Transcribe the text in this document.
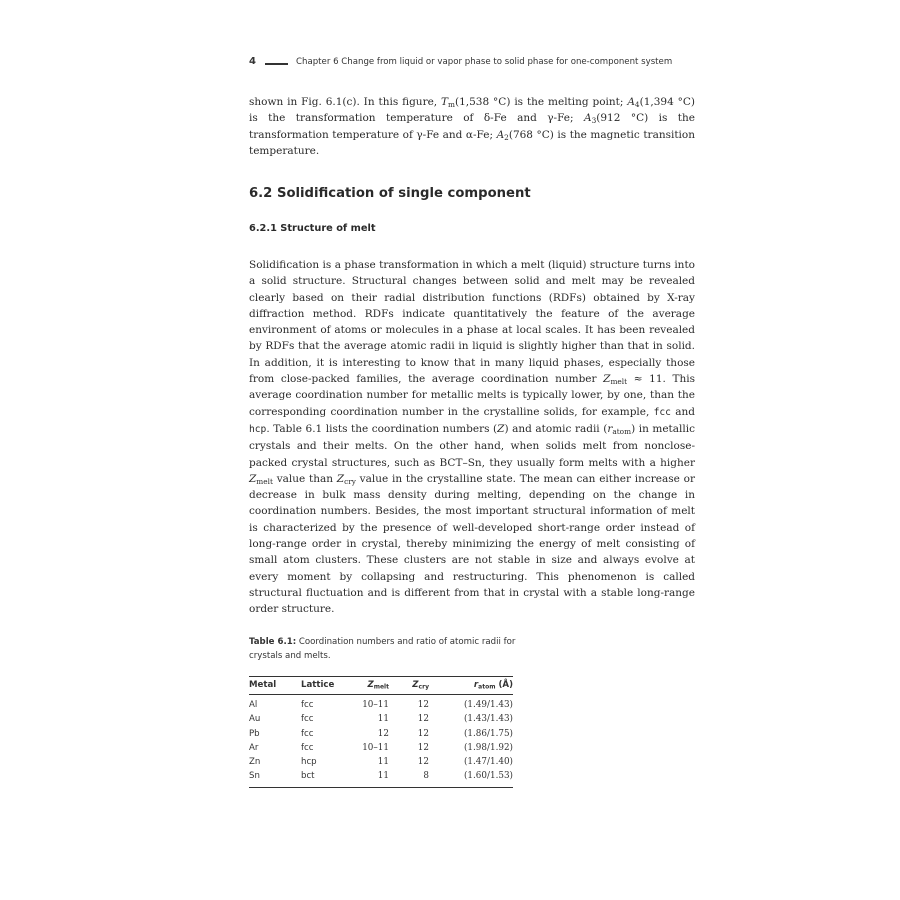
4	Chapter 6 Change from liquid or vapor phase to solid phase for one-component system

shown in Fig. 6.1(c). In this figure, $T_m(1,538$ °C) is the melting point; $A_4(1,394$ °C) is the transformation temperature of δ-Fe and γ-Fe; $A_3(912$ °C) is the transformation temperature of γ-Fe and α-Fe; $A_2(768$ °C) is the magnetic transition temperature.

6.2 Solidification of single component
6.2.1 Structure of melt

Solidification is a phase transformation in which a melt (liquid) structure turns into a solid structure. Structural changes between solid and melt may be revealed clearly based on their radial distribution functions (RDFs) obtained by X-ray diffraction method. RDFs indicate quantitatively the feature of the average environment of atoms or molecules in a phase at local scales. It has been revealed by RDFs that the average atomic radii in liquid is slightly higher than that in solid. In addition, it is interesting to know that in many liquid phases, especially those from close-packed families, the average coordination number $Z_{melt} \approx 11$. This average coordination number for metallic melts is typically lower, by one, than the corresponding coordination number in the crystalline solids, for example, fcc and hcp. Table 6.1 lists the coordination numbers (Z) and atomic radii $(r_{atom})$ in metallic crystals and their melts. On the other hand, when solids melt from nonclose-packed crystal structures, such as BCT–Sn, they usually form melts with a higher $Z_{melt}$ value than $Z_{cry}$ value in the crystalline state. The mean can either increase or decrease in bulk mass density during melting, depending on the change in coordination numbers. Besides, the most important structural information of melt is characterized by the presence of well-developed short-range order instead of long-range order in crystal, thereby minimizing the energy of melt consisting of small atom clusters. These clusters are not stable in size and always evolve at every moment by collapsing and restructuring. This phenomenon is called structural fluctuation and is different from that in crystal with a stable long-range order structure.

Table 6.1: Coordination numbers and ratio of atomic radii for crystals and melts.
Metal	Lattice	$Z_{melt}$	$Z_{cry}$	$r_{atom}$ (Å)
Al	fcc	10–11	12	(1.49/1.43)
Au	fcc	11	12	(1.43/1.43)
Pb	fcc	12	12	(1.86/1.75)
Ar	fcc	10–11	12	(1.98/1.92)
Zn	hcp	11	12	(1.47/1.40)
Sn	bct	11	8	(1.60/1.53)
